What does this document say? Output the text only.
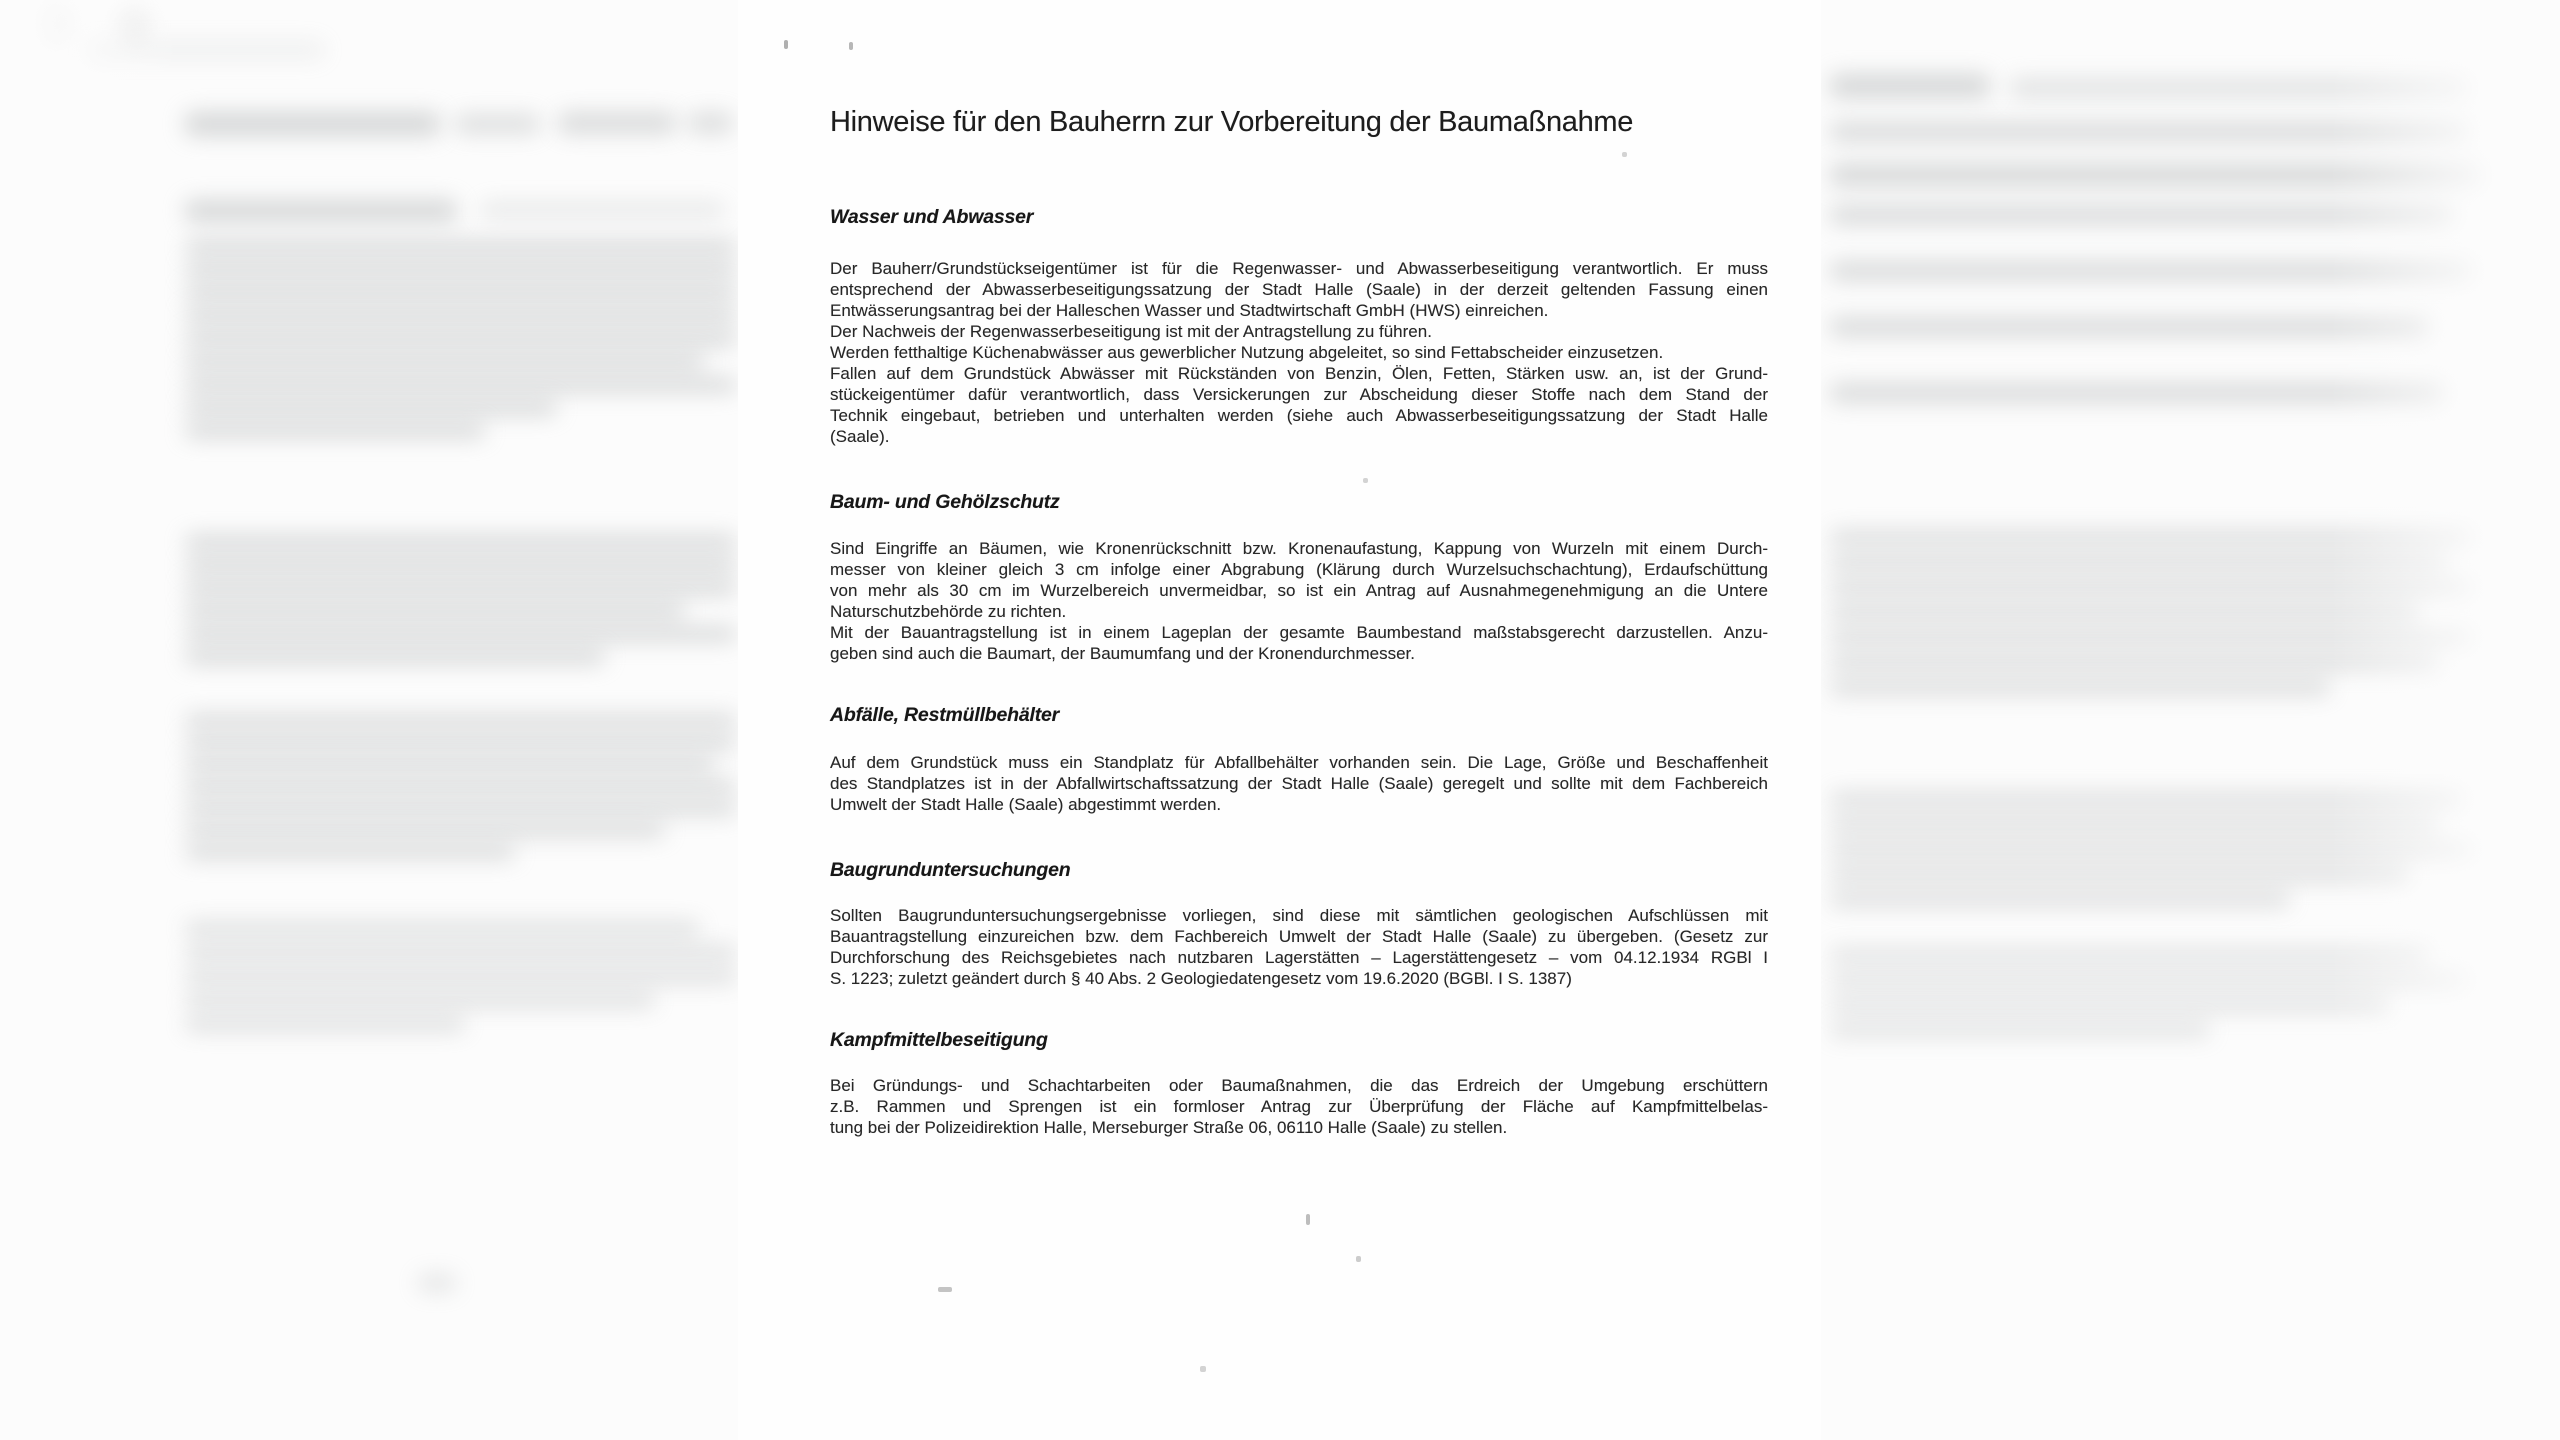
Hinweise für den Bauherrn zur Vorbereitung der Baumaßnahme
Wasser und Abwasser
Der Bauherr/Grundstückseigentümer ist für die Regenwasser- und Abwasserbeseitigung verantwortlich. Er muss
entsprechend der Abwasserbeseitigungssatzung der Stadt Halle (Saale) in der derzeit geltenden Fassung einen
Entwässerungsantrag bei der Halleschen Wasser und Stadtwirtschaft GmbH (HWS) einreichen.
Der Nachweis der Regenwasserbeseitigung ist mit der Antragstellung zu führen.
Werden fetthaltige Küchenabwässer aus gewerblicher Nutzung abgeleitet, so sind Fettabscheider einzusetzen.
Fallen auf dem Grundstück Abwässer mit Rückständen von Benzin, Ölen, Fetten, Stärken usw. an, ist der Grund-
stückeigentümer dafür verantwortlich, dass Versickerungen zur Abscheidung dieser Stoffe nach dem Stand der
Technik eingebaut, betrieben und unterhalten werden (siehe auch Abwasserbeseitigungssatzung der Stadt Halle
(Saale).
Baum- und Gehölzschutz
Sind Eingriffe an Bäumen, wie Kronenrückschnitt bzw. Kronenaufastung, Kappung von Wurzeln mit einem Durch-
messer von kleiner gleich 3 cm infolge einer Abgrabung (Klärung durch Wurzelsuchschachtung), Erdaufschüttung
von mehr als 30 cm im Wurzelbereich unvermeidbar, so ist ein Antrag auf Ausnahmegenehmigung an die Untere
Naturschutzbehörde zu richten.
Mit der Bauantragstellung ist in einem Lageplan der gesamte Baumbestand maßstabsgerecht darzustellen. Anzu-
geben sind auch die Baumart, der Baumumfang und der Kronendurchmesser.
Abfälle, Restmüllbehälter
Auf dem Grundstück muss ein Standplatz für Abfallbehälter vorhanden sein. Die Lage, Größe und Beschaffenheit
des Standplatzes ist in der Abfallwirtschaftssatzung der Stadt Halle (Saale) geregelt und sollte mit dem Fachbereich
Umwelt der Stadt Halle (Saale) abgestimmt werden.
Baugrunduntersuchungen
Sollten Baugrunduntersuchungsergebnisse vorliegen, sind diese mit sämtlichen geologischen Aufschlüssen mit
Bauantragstellung einzureichen bzw. dem Fachbereich Umwelt der Stadt Halle (Saale) zu übergeben. (Gesetz zur
Durchforschung des Reichsgebietes nach nutzbaren Lagerstätten – Lagerstättengesetz – vom 04.12.1934 RGBl I
S. 1223; zuletzt geändert durch § 40 Abs. 2 Geologiedatengesetz vom 19.6.2020 (BGBl. I S. 1387)
Kampfmittelbeseitigung
Bei Gründungs- und Schachtarbeiten oder Baumaßnahmen, die das Erdreich der Umgebung erschüttern
z.B. Rammen und Sprengen ist ein formloser Antrag zur Überprüfung der Fläche auf Kampfmittelbelas-
tung bei der Polizeidirektion Halle, Merseburger Straße 06, 06110 Halle (Saale) zu stellen.
